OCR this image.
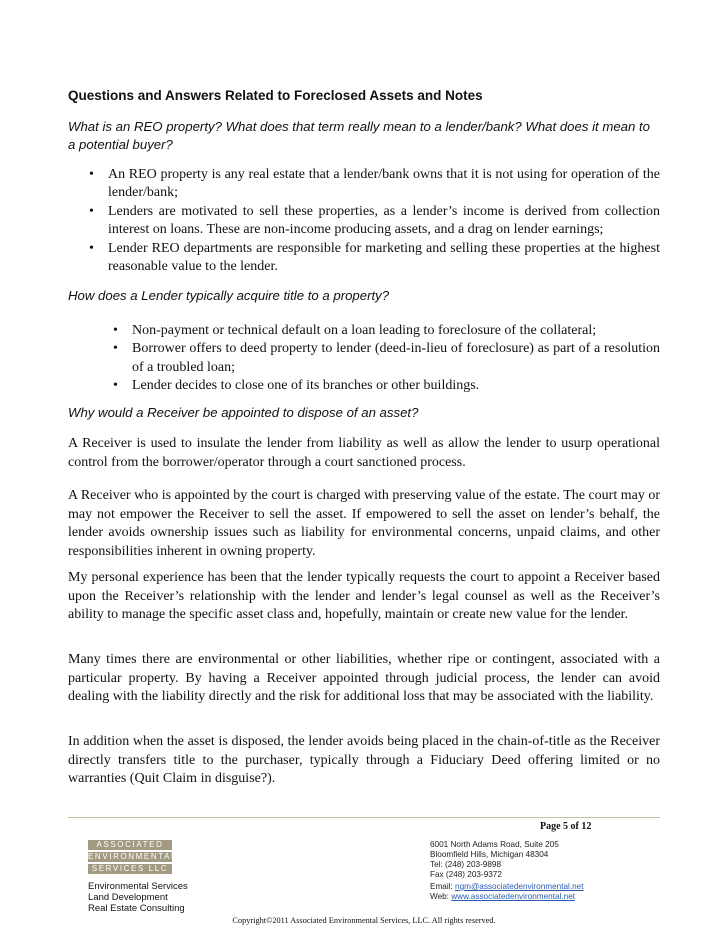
Questions and Answers Related to Foreclosed Assets and Notes
What is an REO property? What does that term really mean to a lender/bank? What does it mean to a potential buyer?
• An REO property is any real estate that a lender/bank owns that it is not using for operation of the lender/bank;
• Lenders are motivated to sell these properties, as a lender’s income is derived from collection interest on loans. These are non-income producing assets, and a drag on lender earnings;
• Lender REO departments are responsible for marketing and selling these properties at the highest reasonable value to the lender.
How does a Lender typically acquire title to a property?
• Non-payment or technical default on a loan leading to foreclosure of the collateral;
• Borrower offers to deed property to lender (deed-in-lieu of foreclosure) as part of a resolution of a troubled loan;
• Lender decides to close one of its branches or other buildings.
Why would a Receiver be appointed to dispose of an asset?
A Receiver is used to insulate the lender from liability as well as allow the lender to usurp operational control from the borrower/operator through a court sanctioned process.
A Receiver who is appointed by the court is charged with preserving value of the estate. The court may or may not empower the Receiver to sell the asset. If empowered to sell the asset on lender’s behalf, the lender avoids ownership issues such as liability for environmental concerns, unpaid claims, and other responsibilities inherent in owning property.
My personal experience has been that the lender typically requests the court to appoint a Receiver based upon the Receiver’s relationship with the lender and lender’s legal counsel as well as the Receiver’s ability to manage the specific asset class and, hopefully, maintain or create new value for the lender.
Many times there are environmental or other liabilities, whether ripe or contingent, associated with a particular property. By having a Receiver appointed through judicial process, the lender can avoid dealing with the liability directly and the risk for additional loss that may be associated with the liability.
In addition when the asset is disposed, the lender avoids being placed in the chain-of-title as the Receiver directly transfers title to the purchaser, typically through a Fiduciary Deed offering limited or no warranties (Quit Claim in disguise?).
Page 5 of 12
ASSOCIATED
ENVIRONMENTAL
SERVICES LLC
Environmental Services
Land Development
Real Estate Consulting
6001 North Adams Road, Suite 205
Bloomfield Hills, Michigan 48304
Tel: (248) 203-9898
Fax (248) 203-9372
Email: ngm@associatedenvironmental.net
Web: www.associatedenvironmental.net
Copyright©2011 Associated Environmental Services, LLC. All rights reserved.
